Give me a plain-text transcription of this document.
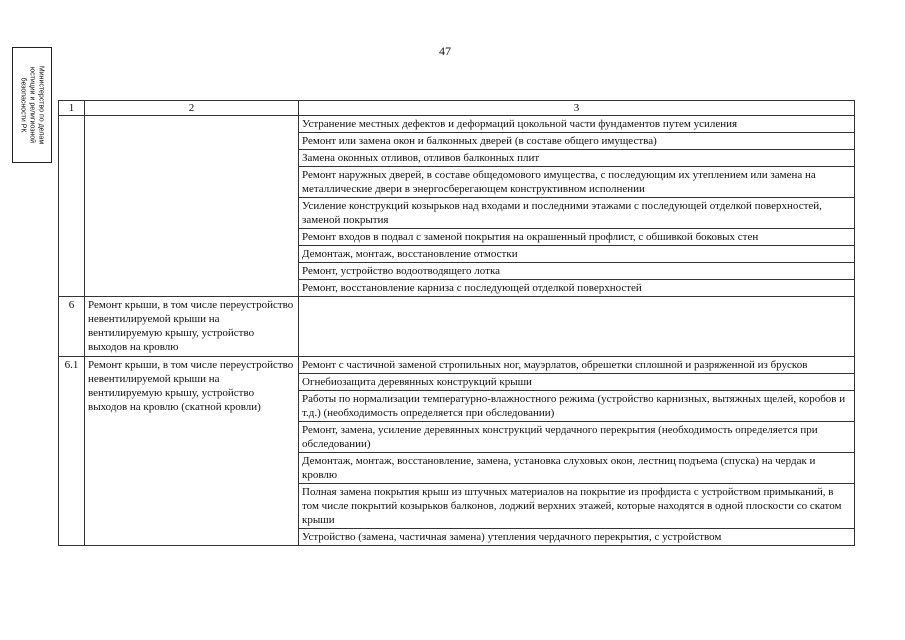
Министерство по делам
юстиции и религиозной
безопасности РК
47
1	2	3
		Устранение местных дефектов и деформаций цокольной части фундаментов путем усиления
		Ремонт или замена окон и балконных дверей (в составе общего имущества)
		Замена оконных отливов, отливов балконных плит
		Ремонт наружных дверей, в составе общедомового имущества, с последующим их утеплением или замена на металлические двери в энергосберегающем конструктивном исполнении
		Усиление конструкций козырьков над входами и последними этажами с последующей отделкой поверхностей, заменой покрытия
		Ремонт входов в подвал с заменой покрытия на окрашенный профлист, с обшивкой боковых стен
		Демонтаж, монтаж, восстановление отмостки
		Ремонт, устройство водоотводящего лотка
		Ремонт, восстановление карниза с последующей отделкой поверхностей
6	Ремонт крыши, в том числе переустройство невентилируемой крыши на вентилируемую крышу, устройство выходов на кровлю	
6.1	Ремонт крыши, в том числе переустройство невентилируемой крыши на вентилируемую крышу, устройство выходов на кровлю (скатной кровли)	Ремонт с частичной заменой стропильных ног, мауэрлатов, обрешетки сплошной и разряженной из брусков
		Огнебиозащита деревянных конструкций крыши
		Работы по нормализации температурно-влажностного режима (устройство карнизных, вытяжных щелей, коробов и т.д.) (необходимость определяется при обследовании)
		Ремонт, замена, усиление деревянных конструкций чердачного перекрытия (необходимость определяется при обследовании)
		Демонтаж, монтаж, восстановление, замена, установка слуховых окон, лестниц подъема (спуска) на чердак и кровлю
		Полная замена покрытия крыш из штучных материалов на покрытие из профдиста с устройством примыканий, в том числе покрытий козырьков балконов, лоджий верхних этажей, которые находятся в одной плоскости со скатом крыши
		Устройство (замена, частичная замена) утепления чердачного перекрытия, с устройством
